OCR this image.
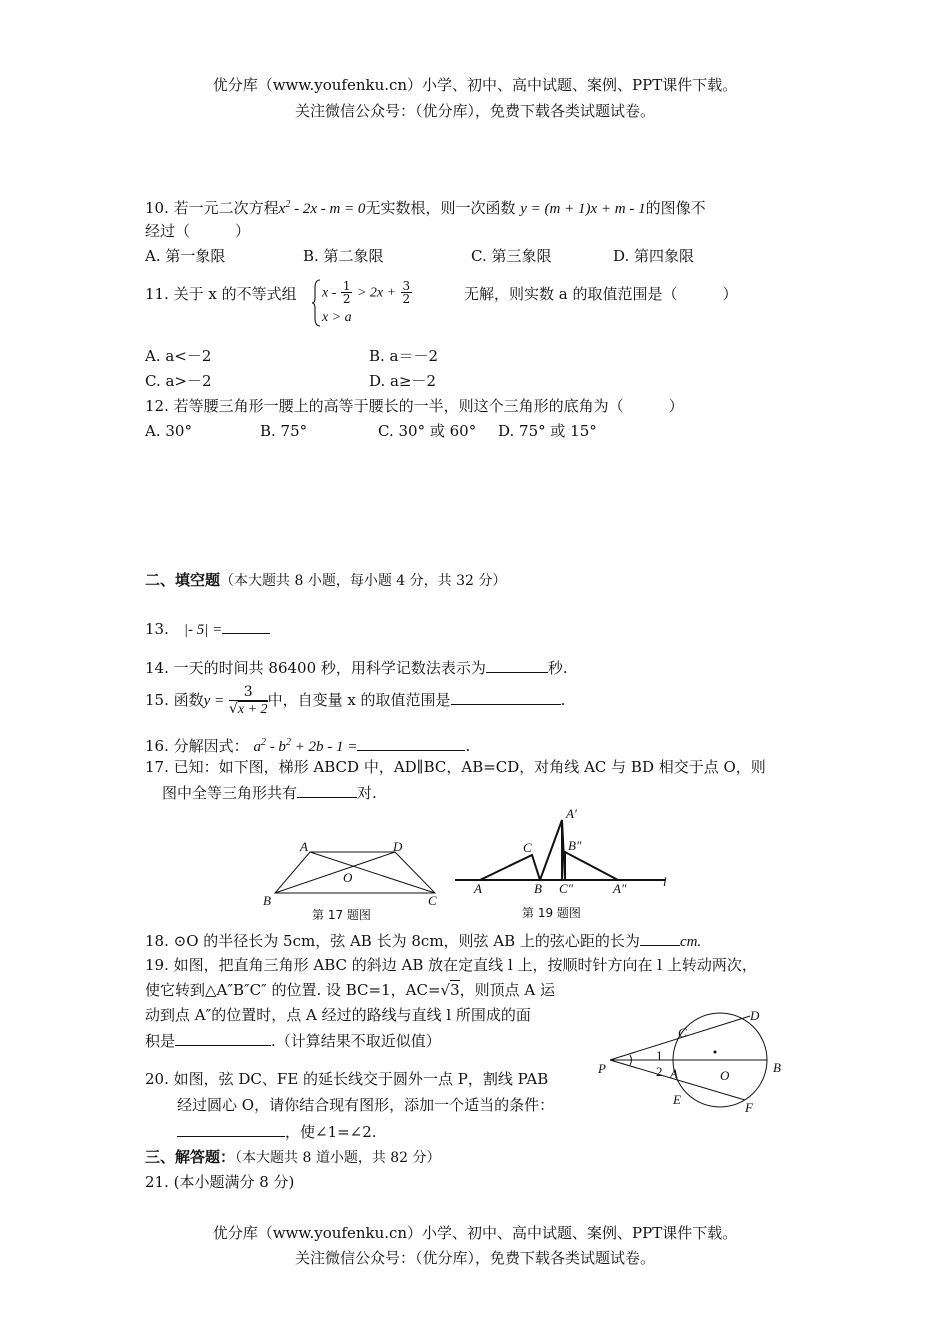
优分库（www.youfenku.cn）小学、初中、高中试题、案例、PPT课件下载。
关注微信公众号：（优分库），免费下载各类试题试卷。
10. 若一元二次方程$x^2 - 2x - m = 0$无实数根，则一次函数 y = (m + 1)x + m - 1的图像不
经过（　　　）
A. 第一象限	B. 第二象限	C. 第三象限	D. 第四象限
11. 关于 x 的不等式组 $x - \frac{1}{2} > 2x + \frac{3}{2}$
x > a
无解，则实数 a 的取值范围是（　　　）
A. a<－2	B. a＝－2
C. a>－2	D. a≥－2
12. 若等腰三角形一腰上的高等于腰长的一半，则这个三角形的底角为（　　　）
A. 30°	B. 75°	C. 30° 或 60° D. 75° 或 15°
二、填空题（本大题共 8 小题，每小题 4 分，共 32 分）
13.　 |- 5| =
14. 一天的时间共 86400 秒，用科学记数法表示为	秒.
15. 函数$y = \frac{3}{√x + 2}$ 中，自变量 x 的取值范围是	.
16. 分解因式： $a^2 - b^2 + 2b - 1$ =	.
17. 已知：如下图，梯形 ABCD 中，AD∥BC，AB=CD，对角线 AC 与 BD 相交于点 O，则
图中全等三角形共有	对.
A	D
O
B	C
第 17 题图
A′
C	B″
A	B C″	A″	l
第 19 题图
18. ⊙O 的半径长为 5cm，弦 AB 长为 8cm，则弦 AB 上的弦心距的长为	cm.
19. 如图，把直角三角形 ABC 的斜边 AB 放在定直线 l 上，按顺时针方向在 l 上转动两次，
使它转到△A″B″C″ 的位置. 设 BC=1，AC=√3，则顶点 A 运
动到点 A″的位置时，点 A 经过的路线与直线 l 所围成的面
积是	.（计算结果不取近似值）
20. 如图，弦 DC、FE 的延长线交于圆外一点 P，割线 PAB
经过圆心 O，请你结合现有图形，添加一个适当的条件：
，使∠1=∠2.
D
C
P
1
2 A	O
B
E
F
三、解答题：（本大题共 8 道小题，共 82 分）
21. (本小题满分 8 分)
优分库（www.youfenku.cn）小学、初中、高中试题、案例、PPT课件下载。
关注微信公众号：（优分库），免费下载各类试题试卷。
